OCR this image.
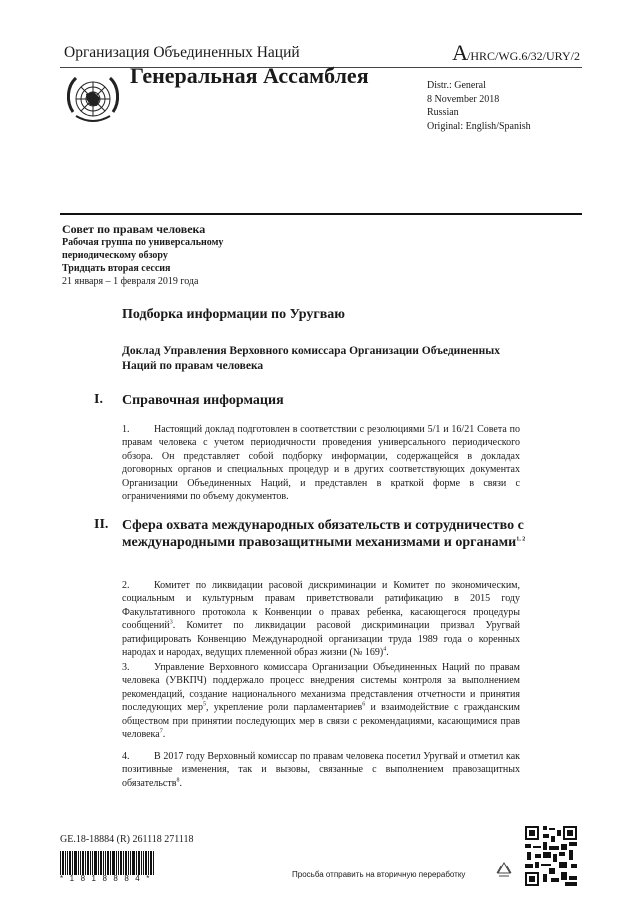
Организация Объединенных Наций	A/HRC/WG.6/32/URY/2
Генеральная Ассамблея	Distr.: General
8 November 2018
Russian
Original: English/Spanish
Совет по правам человека
Рабочая группа по универсальному
периодическому обзору
Тридцать вторая сессия
21 января – 1 февраля 2019 года
Подборка информации по Уругваю
Доклад Управления Верховного комиссара Организации Объединенных Наций по правам человека
I. Справочная информация
1. Настоящий доклад подготовлен в соответствии с резолюциями 5/1 и 16/21 Совета по правам человека с учетом периодичности проведения универсального периодического обзора. Он представляет собой подборку информации, содержащейся в докладах договорных органов и специальных процедур и в других соответствующих документах Организации Объединенных Наций, и представлен в краткой форме в связи с ограничениями по объему документов.
II. Сфера охвата международных обязательств и сотрудничество с международными правозащитными механизмами и органами$^{1, 2}$
2. Комитет по ликвидации расовой дискриминации и Комитет по экономическим, социальным и культурным правам приветствовали ратификацию в 2015 году Факультативного протокола к Конвенции о правах ребенка, касающегося процедуры сообщений$^3$. Комитет по ликвидации расовой дискриминации призвал Уругвай ратифицировать Конвенцию Международной организации труда 1989 года о коренных народах и народах, ведущих племенной образ жизни (№ 169)$^4$.
3. Управление Верховного комиссара Организации Объединенных Наций по правам человека (УВКПЧ) поддержало процесс внедрения системы контроля за выполнением рекомендаций, создание национального механизма представления отчетности и принятия последующих мер$^5$, укрепление роли парламентариев$^6$ и взаимодействие с гражданским обществом при принятии последующих мер в связи с рекомендациями, касающимися прав человека$^7$.
4. В 2017 году Верховный комиссар по правам человека посетил Уругвай и отметил как позитивные изменения, так и вызовы, связанные с выполнением правозащитных обязательств$^8$.
GE.18-18884 (R) 261118 271118
*1818884*	Просьба отправить на вторичную переработку
